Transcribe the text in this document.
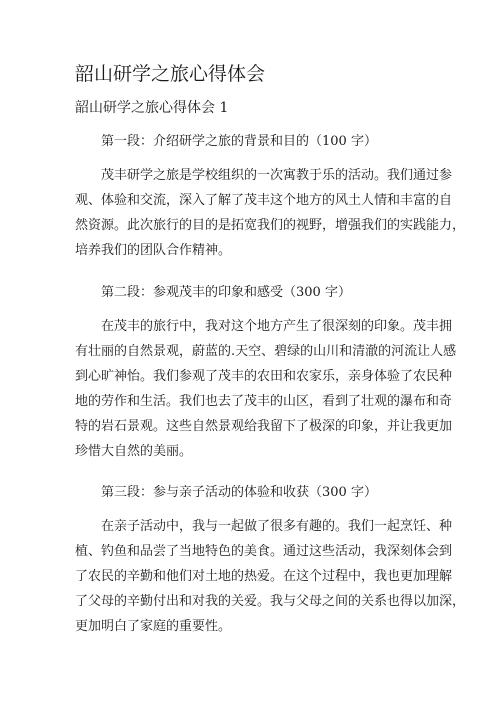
韶山研学之旅心得体会
韶山研学之旅心得体会 1
第一段：介绍研学之旅的背景和目的（100 字）
茂丰研学之旅是学校组织的一次寓教于乐的活动。我们通过参
观、体验和交流，深入了解了茂丰这个地方的风土人情和丰富的自
然资源。此次旅行的目的是拓宽我们的视野，增强我们的实践能力，
培养我们的团队合作精神。
第二段：参观茂丰的印象和感受（300 字）
在茂丰的旅行中，我对这个地方产生了很深刻的印象。茂丰拥
有壮丽的自然景观，蔚蓝的.天空、碧绿的山川和清澈的河流让人感
到心旷神怡。我们参观了茂丰的农田和农家乐，亲身体验了农民种
地的劳作和生活。我们也去了茂丰的山区，看到了壮观的瀑布和奇
特的岩石景观。这些自然景观给我留下了极深的印象，并让我更加
珍惜大自然的美丽。
第三段：参与亲子活动的体验和收获（300 字）
在亲子活动中，我与一起做了很多有趣的。我们一起烹饪、种
植、钓鱼和品尝了当地特色的美食。通过这些活动，我深刻体会到
了农民的辛勤和他们对土地的热爱。在这个过程中，我也更加理解
了父母的辛勤付出和对我的关爱。我与父母之间的关系也得以加深，
更加明白了家庭的重要性。
